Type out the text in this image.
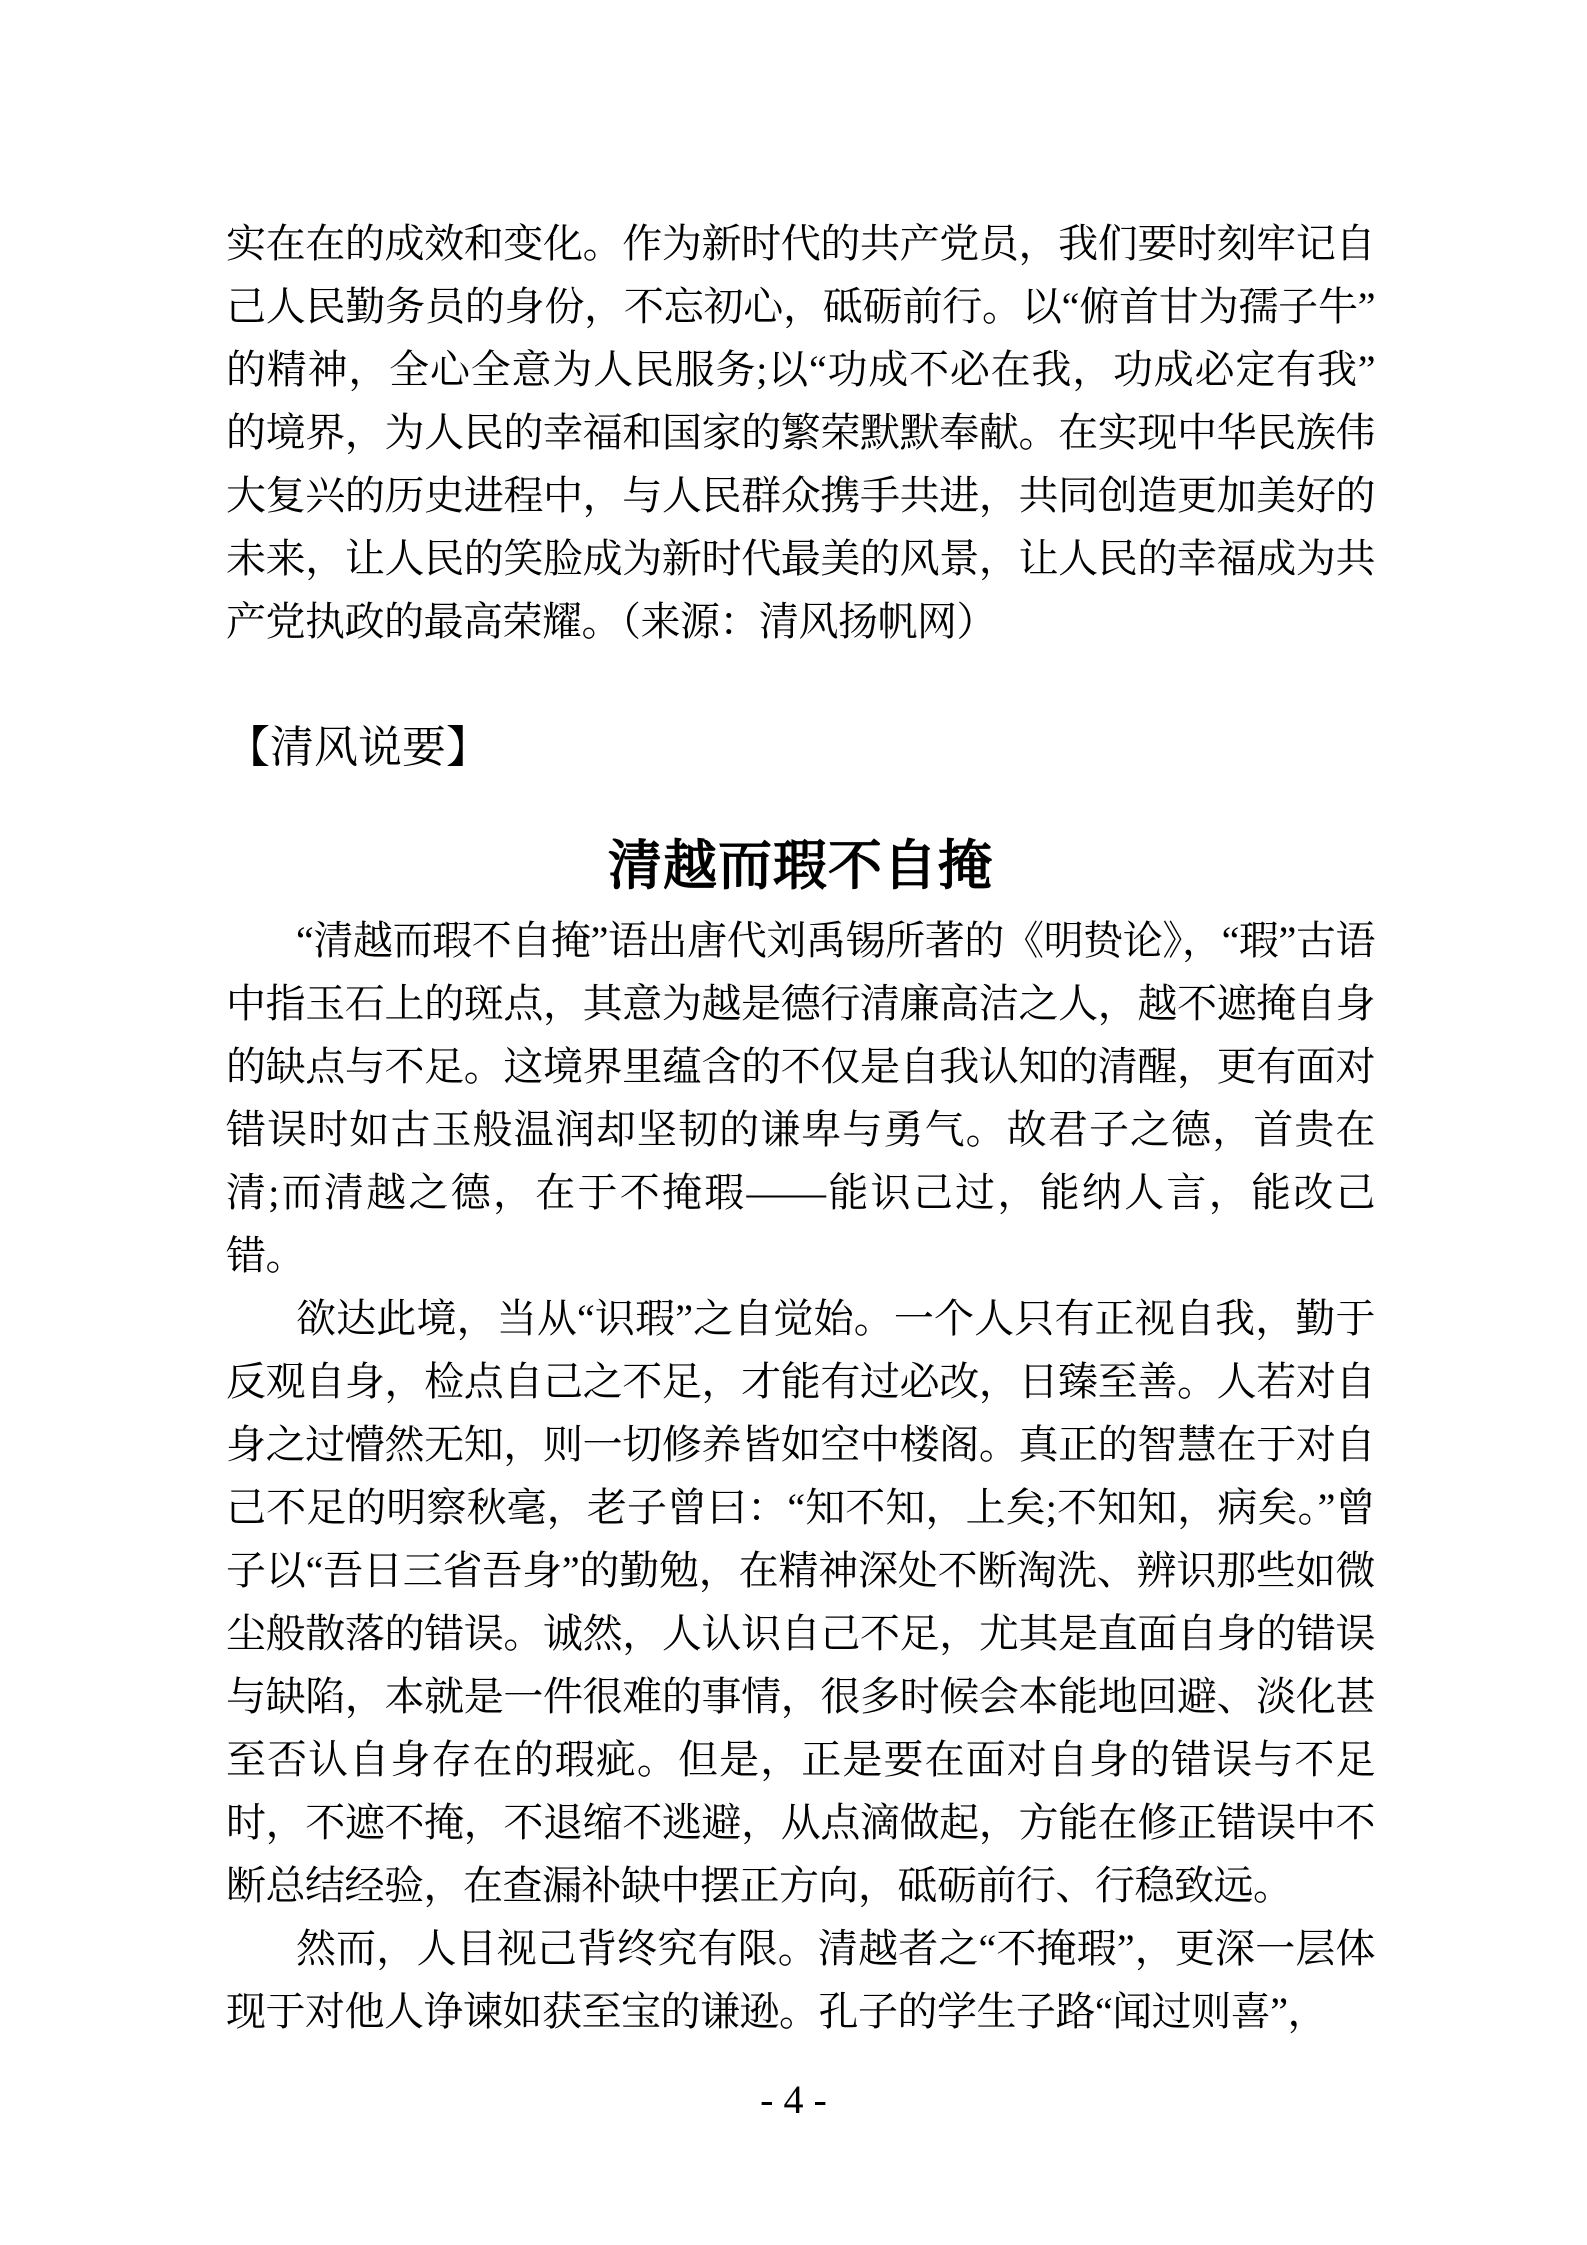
实在在的成效和变化。作为新时代的共产党员，我们要时刻牢记自己人民勤务员的身份，不忘初心，砥砺前行。以“俯首甘为孺子牛”的精神，全心全意为人民服务;以“功成不必在我，功成必定有我”的境界，为人民的幸福和国家的繁荣默默奉献。在实现中华民族伟大复兴的历史进程中，与人民群众携手共进，共同创造更加美好的未来，让人民的笑脸成为新时代最美的风景，让人民的幸福成为共产党执政的最高荣耀。（来源：清风扬帆网）

【清风说要】

清越而瑕不自掩

“清越而瑕不自掩”语出唐代刘禹锡所著的《明贽论》，“瑕”古语中指玉石上的斑点，其意为越是德行清廉高洁之人，越不遮掩自身的缺点与不足。这境界里蕴含的不仅是自我认知的清醒，更有面对错误时如古玉般温润却坚韧的谦卑与勇气。故君子之德，首贵在清;而清越之德，在于不掩瑕——能识己过，能纳人言，能改己错。

欲达此境，当从“识瑕”之自觉始。一个人只有正视自我，勤于反观自身，检点自己之不足，才能有过必改，日臻至善。人若对自身之过懵然无知，则一切修养皆如空中楼阁。真正的智慧在于对自己不足的明察秋毫，老子曾曰：“知不知，上矣;不知知，病矣。”曾子以“吾日三省吾身”的勤勉，在精神深处不断淘洗、辨识那些如微尘般散落的错误。诚然，人认识自己不足，尤其是直面自身的错误与缺陷，本就是一件很难的事情，很多时候会本能地回避、淡化甚至否认自身存在的瑕疵。但是，正是要在面对自身的错误与不足时，不遮不掩，不退缩不逃避，从点滴做起，方能在修正错误中不断总结经验，在查漏补缺中摆正方向，砥砺前行、行稳致远。

然而，人目视己背终究有限。清越者之“不掩瑕”，更深一层体现于对他人诤谏如获至宝的谦逊。孔子的学生子路“闻过则喜”，

- 4 -
